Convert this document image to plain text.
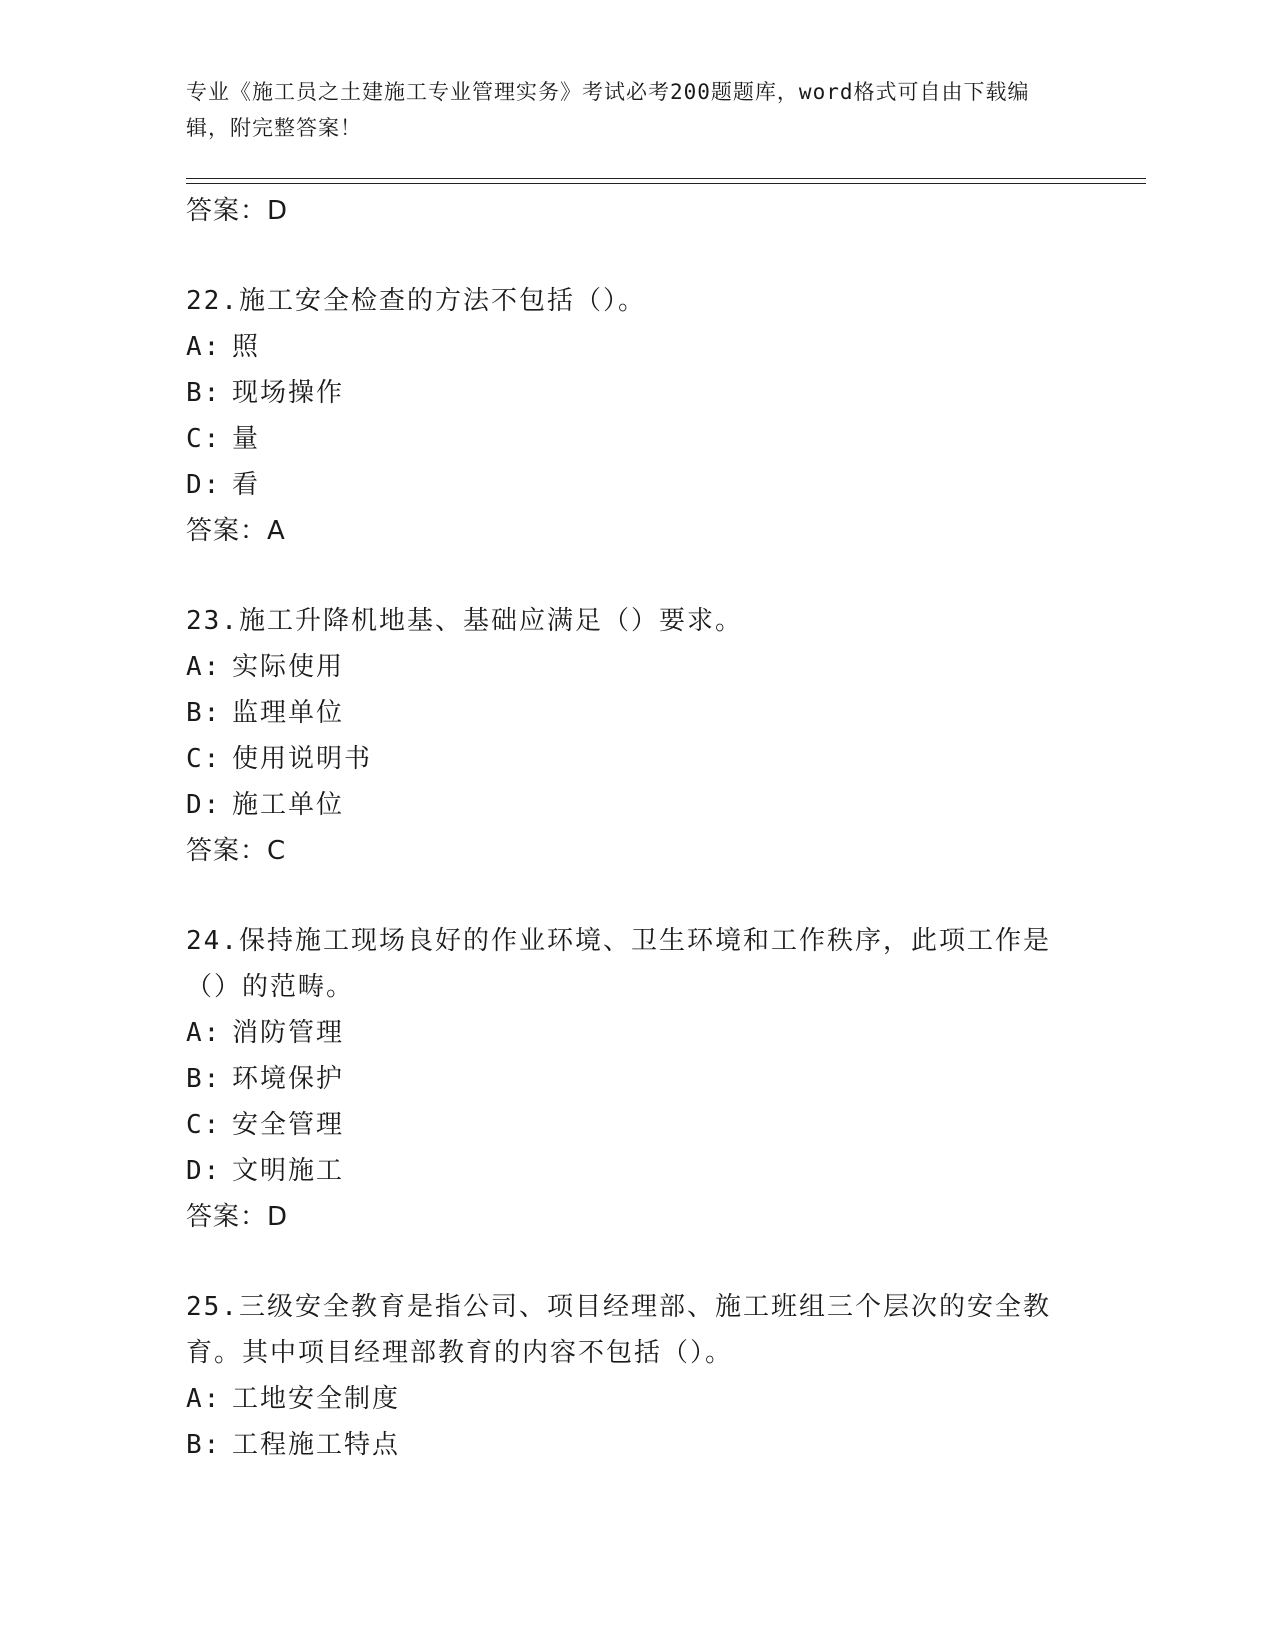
专业《施工员之土建施工专业管理实务》考试必考200题题库，word格式可自由下载编辑，附完整答案！
答案：D
22.施工安全检查的方法不包括（）。
A: 照
B: 现场操作
C: 量
D: 看
答案：A
23.施工升降机地基、基础应满足（）要求。
A: 实际使用
B: 监理单位
C: 使用说明书
D: 施工单位
答案：C
24.保持施工现场良好的作业环境、卫生环境和工作秩序，此项工作是（）的范畴。
A: 消防管理
B: 环境保护
C: 安全管理
D: 文明施工
答案：D
25.三级安全教育是指公司、项目经理部、施工班组三个层次的安全教育。其中项目经理部教育的内容不包括（）。
A: 工地安全制度
B: 工程施工特点
